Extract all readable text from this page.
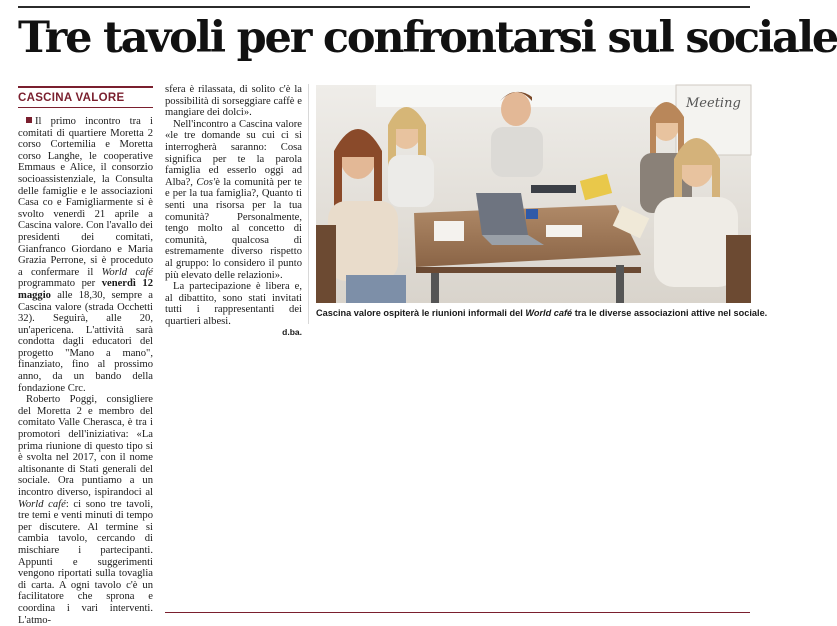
Tre tavoli per confrontarsi sul sociale
CASCINA VALORE

Il primo incontro tra i comitati di quartiere Moretta 2 corso Cortemilia e Moretta corso Langhe, le cooperative Emmaus e Alice, il consorzio socioassistenziale, la Consulta delle famiglie e le associazioni Casa co e Famigliarmente si è svolto venerdì 21 aprile a Cascina valore. Con l'avallo dei presidenti dei comitati, Gianfranco Giordano e Maria Grazia Perrone, si è proceduto a confermare il World café programmato per venerdì 12 maggio alle 18,30, sempre a Cascina valore (strada Occhetti 32). Seguirà, alle 20, un'apericena. L'attività sarà condotta dagli educatori del progetto "Mano a mano", finanziato, fino al prossimo anno, da un bando della fondazione Crc.

Roberto Poggi, consigliere del Moretta 2 e membro del comitato Valle Cherasca, è tra i promotori dell'iniziativa: «La prima riunione di questo tipo si è svolta nel 2017, con il nome altisonante di Stati generali del sociale. Ora puntiamo a un incontro diverso, ispirandoci al World café: ci sono tre tavoli, tre temi e venti minuti di tempo per discutere. Al termine si cambia tavolo, cercando di mischiare i partecipanti. Appunti e suggerimenti vengono riportati sulla tovaglia di carta. A ogni tavolo c'è un facilitatore che sprona e coordina i vari interventi. L'atmo-

sfera è rilassata, di solito c'è la possibilità di sorseggiare caffè e mangiare dei dolci».

Nell'incontro a Cascina valore «le tre domande su cui ci si interrogherà saranno: Cosa significa per te la parola famiglia ed esserlo oggi ad Alba?, Cos'è la comunità per te e per la tua famiglia?, Quanto ti senti una risorsa per la tua comunità? Personalmente, tengo molto al concetto di comunità, qualcosa di estremamente diverso rispetto al gruppo: lo considero il punto più elevato delle relazioni».

La partecipazione è libera e, al dibattito, sono stati invitati tutti i rappresentanti dei quartieri albesi.
d.ba.

Meeting
Cascina valore ospiterà le riunioni informali del World café tra le diverse associazioni attive nel sociale.
